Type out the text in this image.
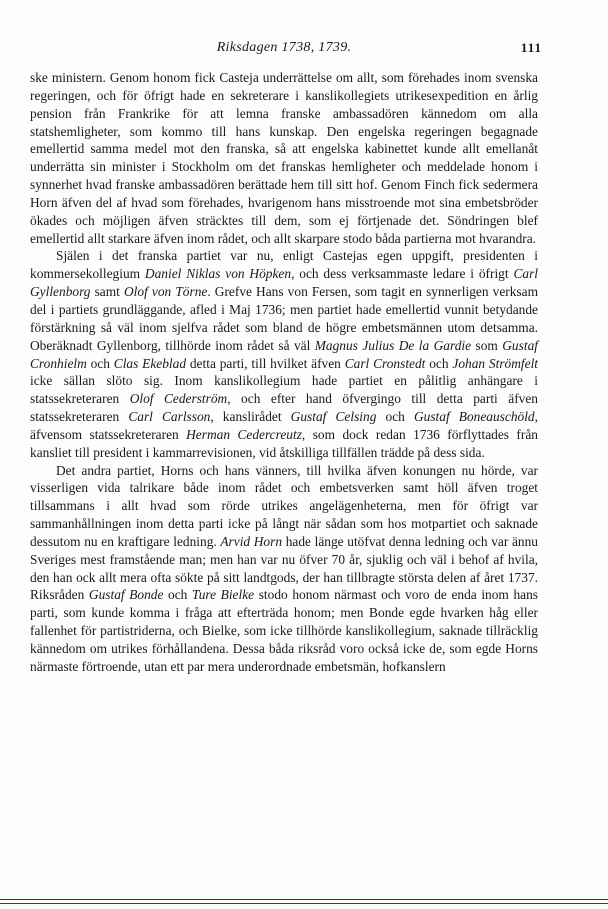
Riksdagen 1738, 1739.	111

ske ministern. Genom honom fick Casteja underrättelse om allt, som förehades inom svenska regeringen, och för öfrigt hade en sekreterare i kanslikollegiets utrikesexpedition en årlig pension från Frankrike för att lemna franske ambassadören kännedom om alla statshemligheter, som kommo till hans kunskap. Den engelska regeringen begagnade emellertid samma medel mot den franska, så att engelska kabinettet kunde allt emellanåt underrätta sin minister i Stockholm om det franskas hemligheter och meddelade honom i synnerhet hvad franske ambassadören berättade hem till sitt hof. Genom Finch fick sedermera Horn äfven del af hvad som förehades, hvarigenom hans misstroende mot sina embetsbröder ökades och möjligen äfven sträcktes till dem, som ej förtjenade det. Söndringen blef emellertid allt starkare äfven inom rådet, och allt skarpare stodo båda partierna mot hvarandra.

Själen i det franska partiet var nu, enligt Castejas egen uppgift, presidenten i kommersekollegium Daniel Niklas von Höpken, och dess verksammaste ledare i öfrigt Carl Gyllenborg samt Olof von Törne. Grefve Hans von Fersen, som tagit en synnerligen verksam del i partiets grundläggande, afled i Maj 1736; men partiet hade emellertid vunnit betydande förstärkning så väl inom sjelfva rådet som bland de högre embetsmännen utom detsamma. Oberäknadt Gyllenborg, tillhörde inom rådet så väl Magnus Julius De la Gardie som Gustaf Cronhielm och Clas Ekeblad detta parti, till hvilket äfven Carl Cronstedt och Johan Strömfelt icke sällan slöto sig. Inom kanslikollegium hade partiet en pålitlig anhängare i statssekreteraren Olof Cederström, och efter hand öfvergingo till detta parti äfven statssekreteraren Carl Carlsson, kanslirådet Gustaf Celsing och Gustaf Boneauschöld, äfvensom statssekreteraren Herman Cedercreutz, som dock redan 1736 förflyttades från kansliet till president i kammarrevisionen, vid åtskilliga tillfällen trädde på dess sida.

Det andra partiet, Horns och hans vänners, till hvilka äfven konungen nu hörde, var visserligen vida talrikare både inom rådet och embetsverken samt höll äfven troget tillsammans i allt hvad som rörde utrikes angelägenheterna, men för öfrigt var sammanhållningen inom detta parti icke på långt när sådan som hos motpartiet och saknade dessutom nu en kraftigare ledning. Arvid Horn hade länge utöfvat denna ledning och var ännu Sveriges mest framstående man; men han var nu öfver 70 år, sjuklig och väl i behof af hvila, den han ock allt mera ofta sökte på sitt landtgods, der han tillbragte största delen af året 1737. Riksråden Gustaf Bonde och Ture Bielke stodo honom närmast och voro de enda inom hans parti, som kunde komma i fråga att efterträda honom; men Bonde egde hvarken håg eller fallenhet för partistriderna, och Bielke, som icke tillhörde kanslikollegium, saknade tillräcklig kännedom om utrikes förhållandena. Dessa båda riksråd voro också icke de, som egde Horns närmaste förtroende, utan ett par mera underordnade embetsmän, hofkanslern
